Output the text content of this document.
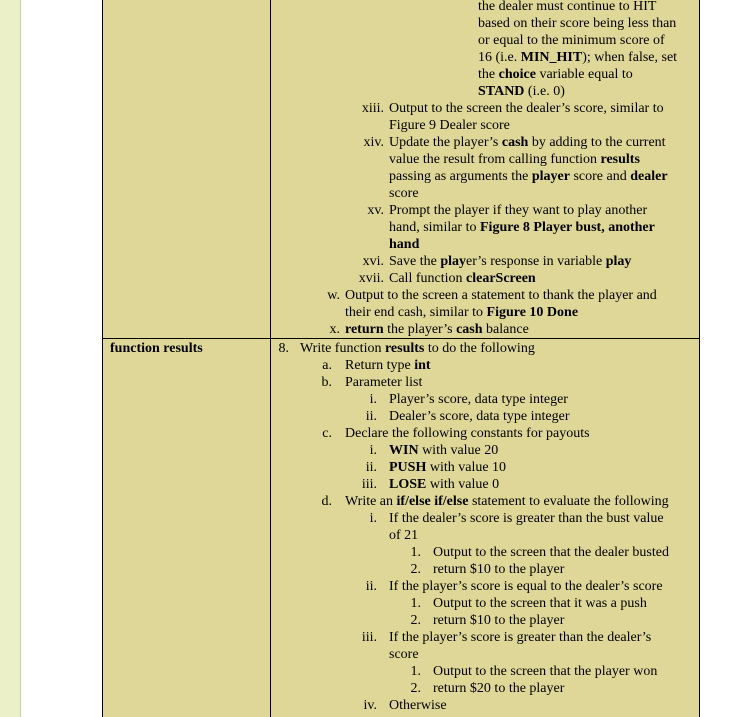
function results
the dealer must continue to HIT
based on their score being less than
or equal to the minimum score of
16 (i.e. MIN_HIT); when false, set
the choice variable equal to
STAND (i.e. 0)
xiii. Output to the screen the dealer’s score, similar to
Figure 9 Dealer score
xiv. Update the player’s cash by adding to the current
value the result from calling function results
passing as arguments the player score and dealer
score
xv. Prompt the player if they want to play another
hand, similar to Figure 8 Player bust, another
hand
xvi. Save the player’s response in variable play
xvii. Call function clearScreen
w. Output to the screen a statement to thank the player and
their end cash, similar to Figure 10 Done
x. return the player’s cash balance
8. Write function results to do the following
a. Return type int
b. Parameter list
i. Player’s score, data type integer
ii. Dealer’s score, data type integer
c. Declare the following constants for payouts
i. WIN with value 20
ii. PUSH with value 10
iii. LOSE with value 0
d. Write an if/else if/else statement to evaluate the following
i. If the dealer’s score is greater than the bust value
of 21
1. Output to the screen that the dealer busted
2. return $10 to the player
ii. If the player’s score is equal to the dealer’s score
1. Output to the screen that it was a push
2. return $10 to the player
iii. If the player’s score is greater than the dealer’s
score
1. Output to the screen that the player won
2. return $20 to the player
iv. Otherwise
